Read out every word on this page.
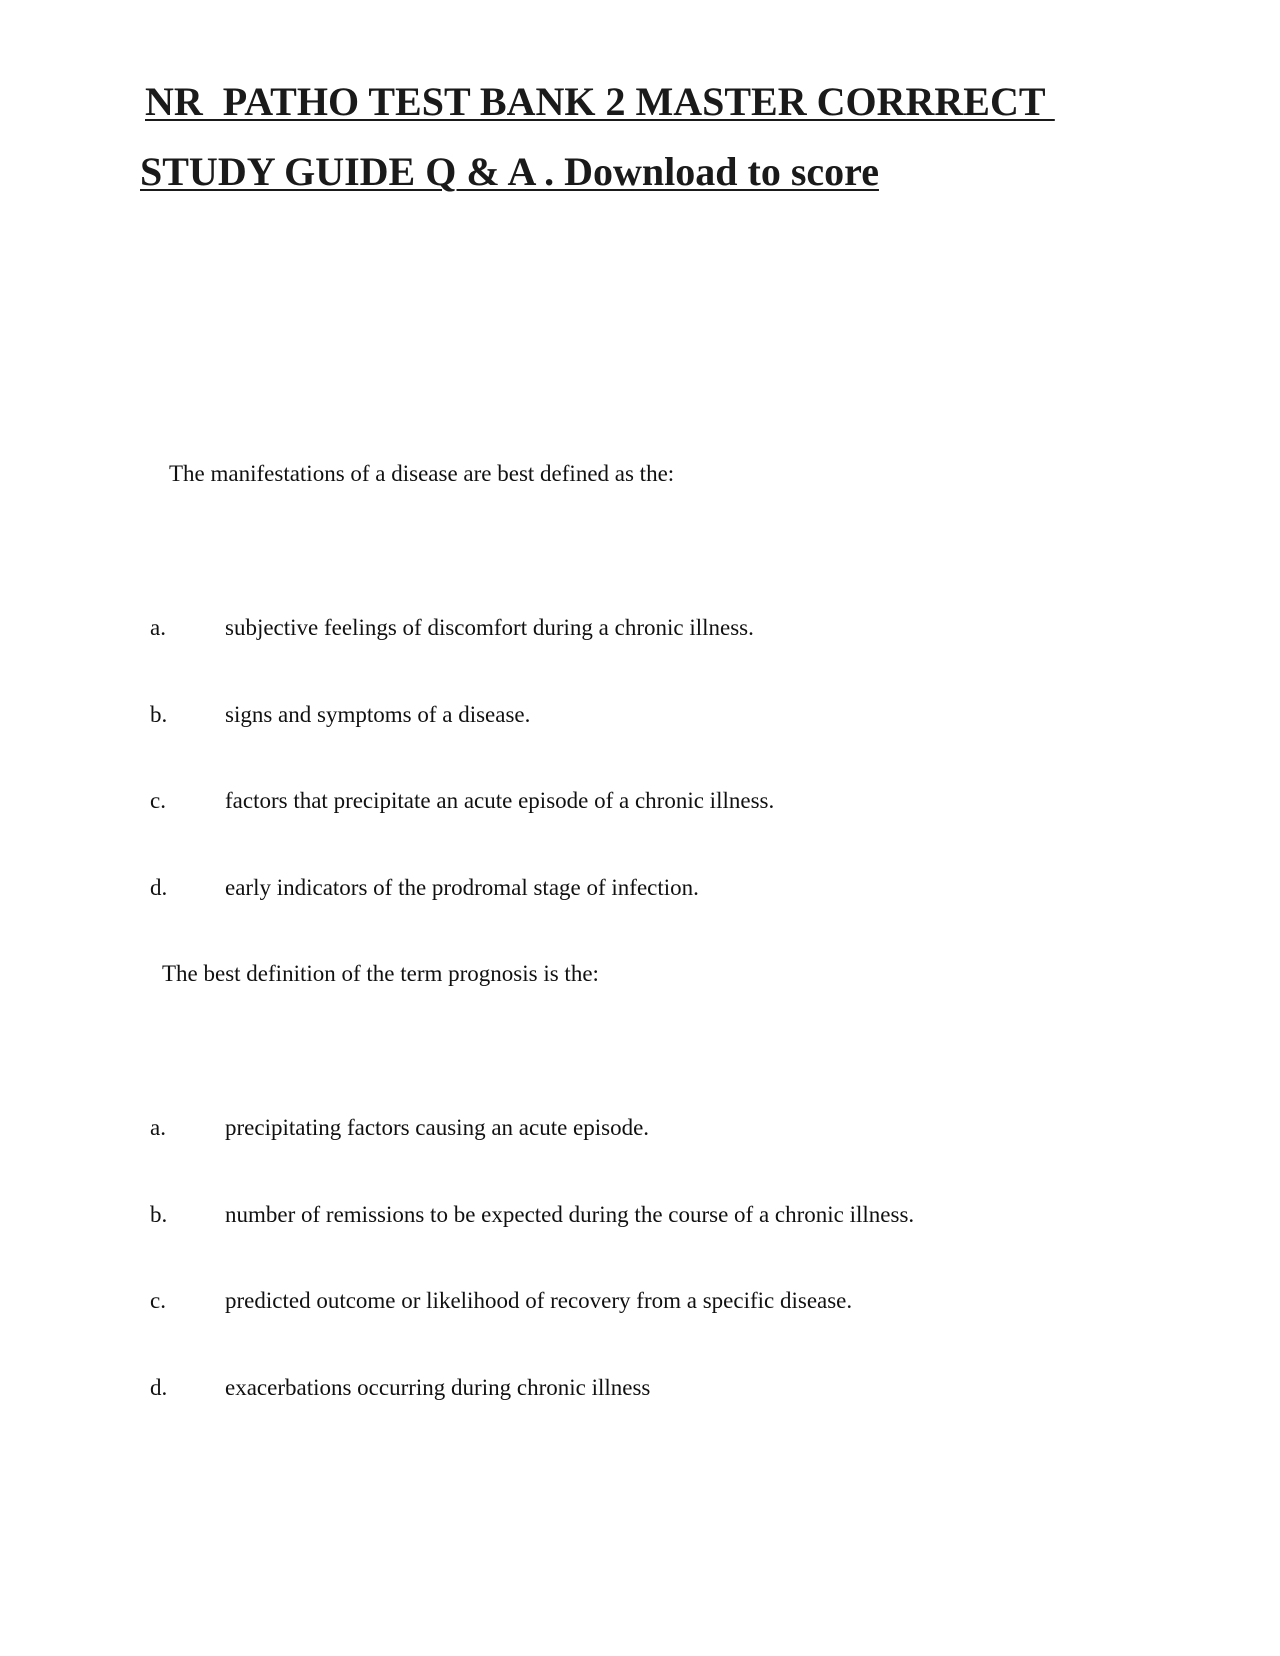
NR  PATHO TEST BANK 2 MASTER CORRRECT
STUDY GUIDE Q & A . Download to score

The manifestations of a disease are best defined as the:

a.	subjective feelings of discomfort during a chronic illness.
b.	signs and symptoms of a disease.
c.	factors that precipitate an acute episode of a chronic illness.
d.	early indicators of the prodromal stage of infection.

The best definition of the term prognosis is the:

a.	precipitating factors causing an acute episode.
b.	number of remissions to be expected during the course of a chronic illness.
c.	predicted outcome or likelihood of recovery from a specific disease.
d.	exacerbations occurring during chronic illness
